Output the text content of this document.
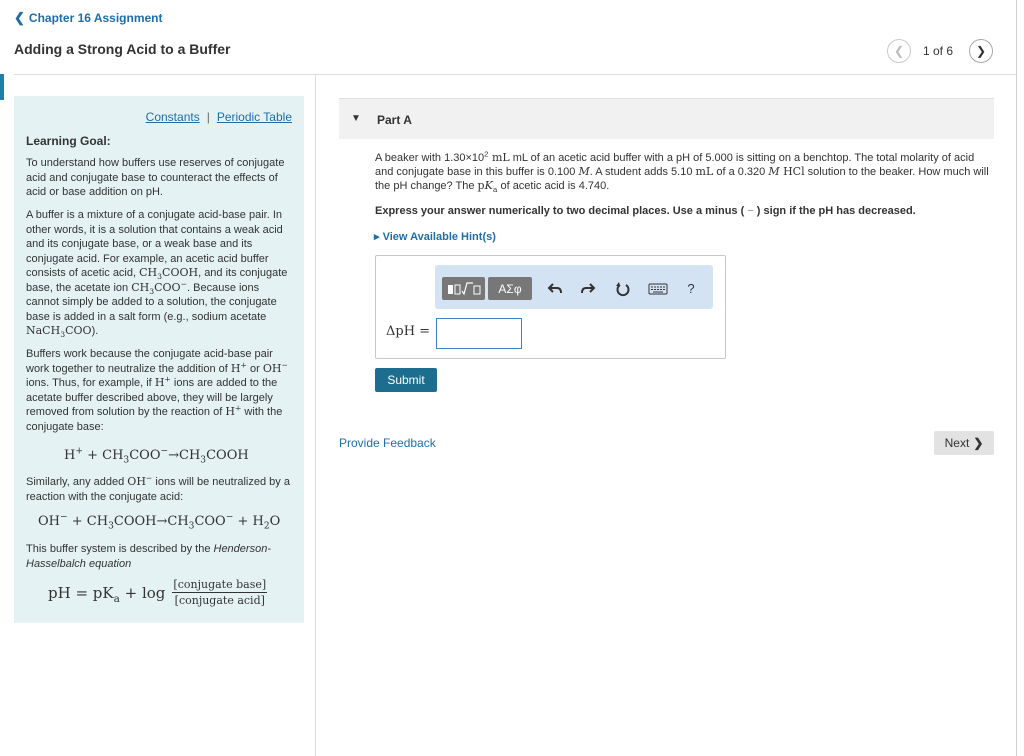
❮ Chapter 16 Assignment
Adding a Strong Acid to a Buffer	❮ 1 of 6 ❯
Constants | Periodic Table
Learning Goal:
To understand how buffers use reserves of conjugate acid and conjugate base to counteract the effects of acid or base addition on pH.
A buffer is a mixture of a conjugate acid-base pair. In other words, it is a solution that contains a weak acid and its conjugate base, or a weak base and its conjugate acid. For example, an acetic acid buffer consists of acetic acid, $CH_3COOH$, and its conjugate base, the acetate ion $CH_3COO^-$. Because ions cannot simply be added to a solution, the conjugate base is added in a salt form (e.g., sodium acetate NaCH$_3$COO).
Buffers work because the conjugate acid-base pair work together to neutralize the addition of H+ or OH− ions. Thus, for example, if H+ ions are added to the acetate buffer described above, they will be largely removed from solution by the reaction of H+ with the conjugate base:
$H^+ + CH_3COO^-\to CH_3COOH$
Similarly, any added OH− ions will be neutralized by a reaction with the conjugate acid:
$OH^- + CH_3COOH\to CH_3COO^- + H_2O$
This buffer system is described by the Henderson-Hasselbalch equation
pH = $pK_a + \log \frac{\text{[conjugate base]}}{\text{[conjugate acid]}}$
▼ Part A
A beaker with $1.30\times 10^2$ mL mL of an acetic acid buffer with a pH of 5.000 is sitting on a benchtop. The total molarity of acid and conjugate base in this buffer is 0.100 M. A student adds 5.10 mL of a 0.320 M HCl solution to the beaker. How much will the pH change? The $pK_a$ of acetic acid is 4.740.
Express your answer numerically to two decimal places. Use a minus ( − ) sign if the pH has decreased.
▸ View Available Hint(s)
ΑΣφ	?
ΔpH =
Submit
Provide Feedback	Next ❯
